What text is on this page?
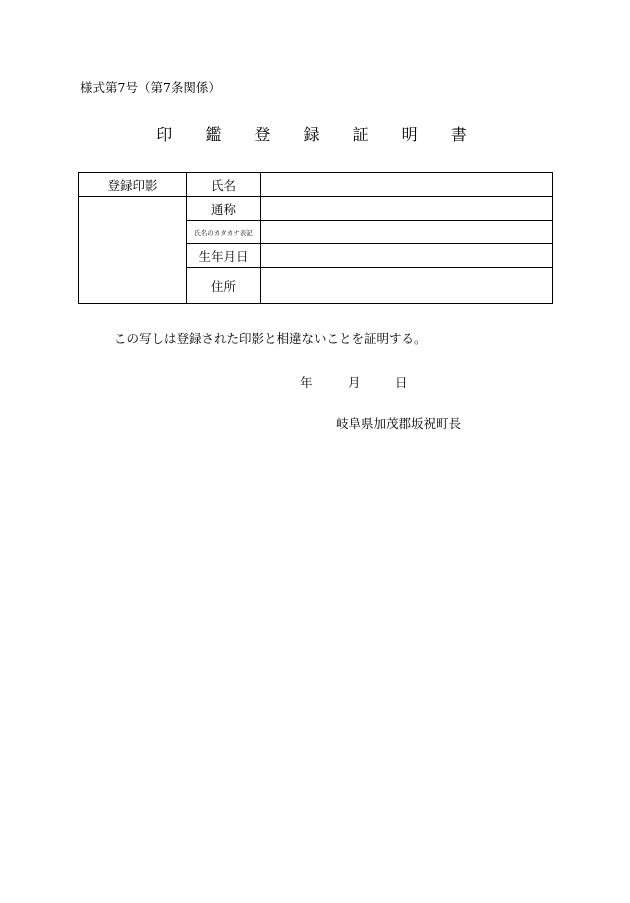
様式第7号（第7条関係）
印 鑑 登 録 証 明 書
登録印影	氏名	
	通称	
	氏名のカタカナ表記	
	生年月日	
	住所	
この写しは登録された印影と相違ないことを証明する。
年	月	日
岐阜県加茂郡坂祝町長
